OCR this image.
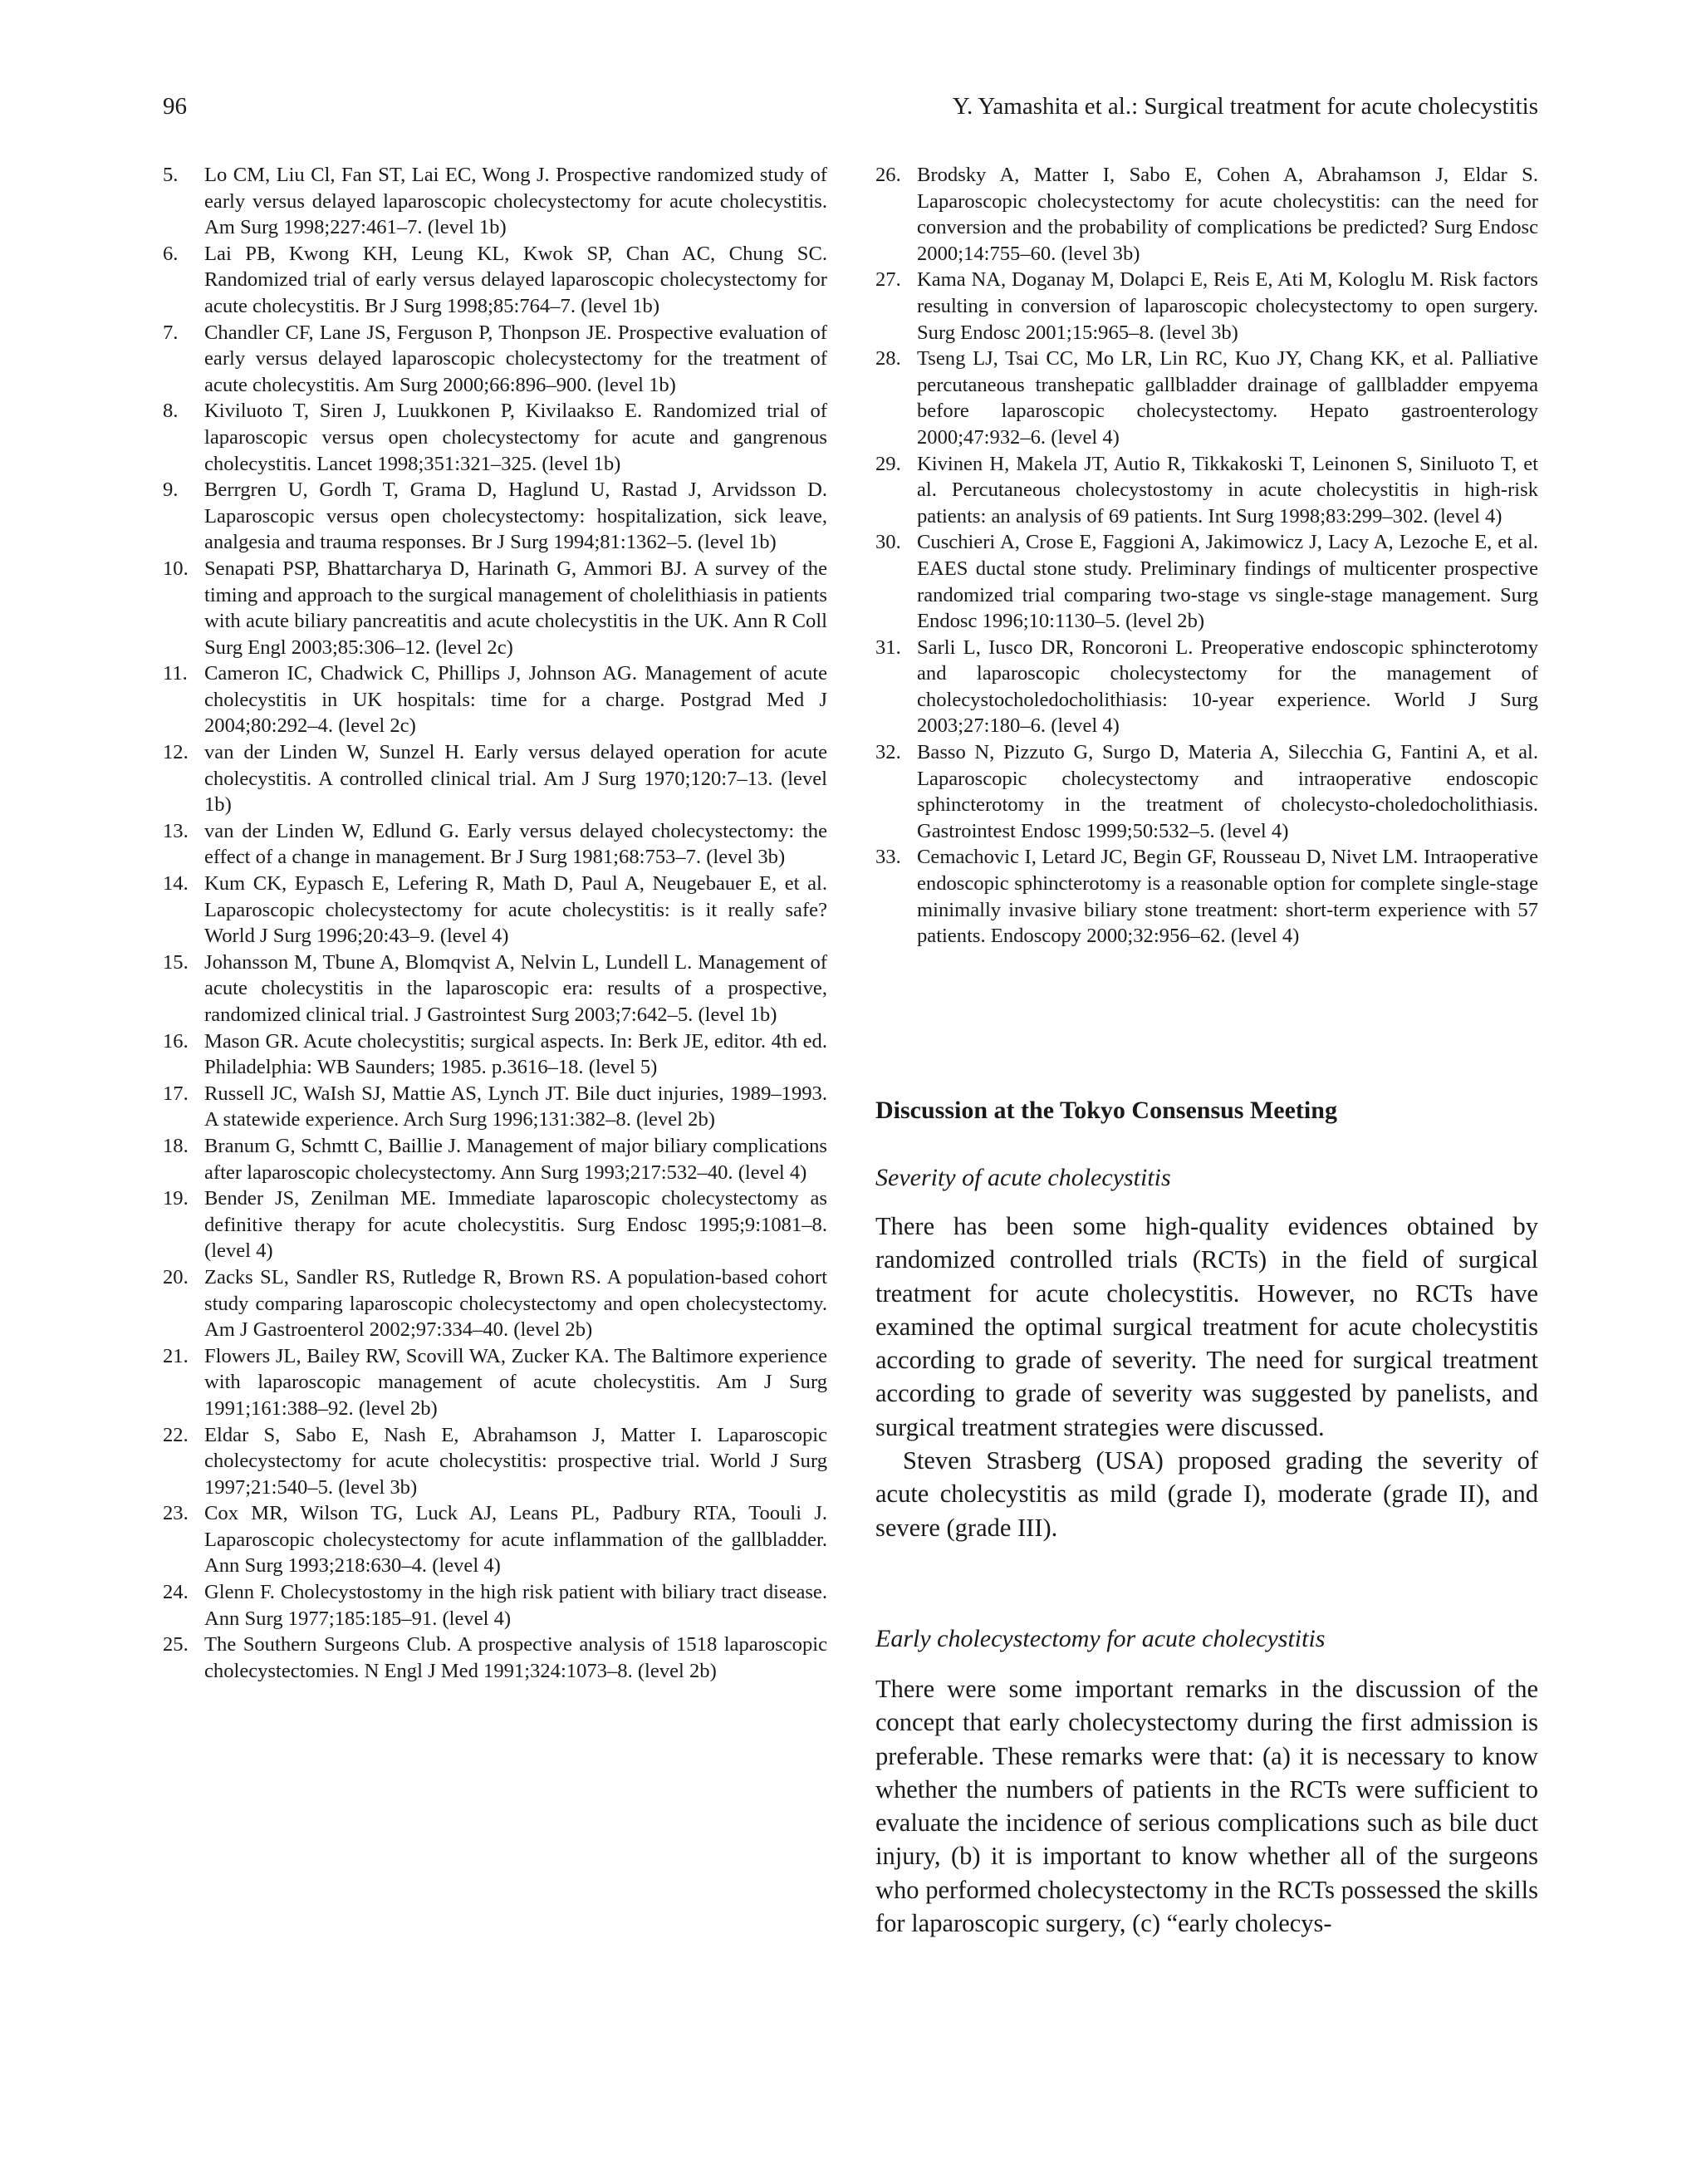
96	Y. Yamashita et al.: Surgical treatment for acute cholecystitis
5.	Lo CM, Liu Cl, Fan ST, Lai EC, Wong J. Prospective randomized study of early versus delayed laparoscopic cholecystectomy for acute cholecystitis. Am Surg 1998;227:461–7. (level 1b)
6.	Lai PB, Kwong KH, Leung KL, Kwok SP, Chan AC, Chung SC. Randomized trial of early versus delayed laparoscopic cholecystectomy for acute cholecystitis. Br J Surg 1998;85:764–7. (level 1b)
7.	Chandler CF, Lane JS, Ferguson P, Thonpson JE. Prospective evaluation of early versus delayed laparoscopic cholecystectomy for the treatment of acute cholecystitis. Am Surg 2000;66:896–900. (level 1b)
8.	Kiviluoto T, Siren J, Luukkonen P, Kivilaakso E. Randomized trial of laparoscopic versus open cholecystectomy for acute and gangrenous cholecystitis. Lancet 1998;351:321–325. (level 1b)
9.	Berrgren U, Gordh T, Grama D, Haglund U, Rastad J, Arvidsson D. Laparoscopic versus open cholecystectomy: hospitalization, sick leave, analgesia and trauma responses. Br J Surg 1994;81:1362–5. (level 1b)
10. Senapati PSP, Bhattarcharya D, Harinath G, Ammori BJ. A survey of the timing and approach to the surgical management of cholelithiasis in patients with acute biliary pancreatitis and acute cholecystitis in the UK. Ann R Coll Surg Engl 2003;85:306–12. (level 2c)
11. Cameron IC, Chadwick C, Phillips J, Johnson AG. Management of acute cholecystitis in UK hospitals: time for a charge. Postgrad Med J 2004;80:292–4. (level 2c)
12. van der Linden W, Sunzel H. Early versus delayed operation for acute cholecystitis. A controlled clinical trial. Am J Surg 1970;120:7–13. (level 1b)
13. van der Linden W, Edlund G. Early versus delayed cholecystectomy: the effect of a change in management. Br J Surg 1981;68:753–7. (level 3b)
14. Kum CK, Eypasch E, Lefering R, Math D, Paul A, Neugebauer E, et al. Laparoscopic cholecystectomy for acute cholecystitis: is it really safe? World J Surg 1996;20:43–9. (level 4)
15. Johansson M, Tbune A, Blomqvist A, Nelvin L, Lundell L. Management of acute cholecystitis in the laparoscopic era: results of a prospective, randomized clinical trial. J Gastrointest Surg 2003;7:642–5. (level 1b)
16. Mason GR. Acute cholecystitis; surgical aspects. In: Berk JE, editor. 4th ed. Philadelphia: WB Saunders; 1985. p.3616–18. (level 5)
17. Russell JC, WaIsh SJ, Mattie AS, Lynch JT. Bile duct injuries, 1989–1993. A statewide experience. Arch Surg 1996;131:382–8. (level 2b)
18. Branum G, Schmtt C, Baillie J. Management of major biliary complications after laparoscopic cholecystectomy. Ann Surg 1993;217:532–40. (level 4)
19. Bender JS, Zenilman ME. Immediate laparoscopic cholecystectomy as definitive therapy for acute cholecystitis. Surg Endosc 1995;9:1081–8. (level 4)
20. Zacks SL, Sandler RS, Rutledge R, Brown RS. A population-based cohort study comparing laparoscopic cholecystectomy and open cholecystectomy. Am J Gastroenterol 2002;97:334–40. (level 2b)
21. Flowers JL, Bailey RW, Scovill WA, Zucker KA. The Baltimore experience with laparoscopic management of acute cholecystitis. Am J Surg 1991;161:388–92. (level 2b)
22. Eldar S, Sabo E, Nash E, Abrahamson J, Matter I. Laparoscopic cholecystectomy for acute cholecystitis: prospective trial. World J Surg 1997;21:540–5. (level 3b)
23. Cox MR, Wilson TG, Luck AJ, Leans PL, Padbury RTA, Toouli J. Laparoscopic cholecystectomy for acute inflammation of the gallbladder. Ann Surg 1993;218:630–4. (level 4)
24. Glenn F. Cholecystostomy in the high risk patient with biliary tract disease. Ann Surg 1977;185:185–91. (level 4)
25. The Southern Surgeons Club. A prospective analysis of 1518 laparoscopic cholecystectomies. N Engl J Med 1991;324:1073–8. (level 2b)
26. Brodsky A, Matter I, Sabo E, Cohen A, Abrahamson J, Eldar S. Laparoscopic cholecystectomy for acute cholecystitis: can the need for conversion and the probability of complications be predicted? Surg Endosc 2000;14:755–60. (level 3b)
27. Kama NA, Doganay M, Dolapci E, Reis E, Ati M, Kologlu M. Risk factors resulting in conversion of laparoscopic cholecystectomy to open surgery. Surg Endosc 2001;15:965–8. (level 3b)
28. Tseng LJ, Tsai CC, Mo LR, Lin RC, Kuo JY, Chang KK, et al. Palliative percutaneous transhepatic gallbladder drainage of gallbladder empyema before laparoscopic cholecystectomy. Hepato gastroenterology 2000;47:932–6. (level 4)
29. Kivinen H, Makela JT, Autio R, Tikkakoski T, Leinonen S, Siniluoto T, et al. Percutaneous cholecystostomy in acute cholecystitis in high-risk patients: an analysis of 69 patients. Int Surg 1998;83:299–302. (level 4)
30. Cuschieri A, Crose E, Faggioni A, Jakimowicz J, Lacy A, Lezoche E, et al. EAES ductal stone study. Preliminary findings of multicenter prospective randomized trial comparing two-stage vs single-stage management. Surg Endosc 1996;10:1130–5. (level 2b)
31. Sarli L, Iusco DR, Roncoroni L. Preoperative endoscopic sphincterotomy and laparoscopic cholecystectomy for the management of cholecystocholedocholithiasis: 10-year experience. World J Surg 2003;27:180–6. (level 4)
32. Basso N, Pizzuto G, Surgo D, Materia A, Silecchia G, Fantini A, et al. Laparoscopic cholecystectomy and intraoperative endoscopic sphincterotomy in the treatment of cholecysto-choledocholithiasis. Gastrointest Endosc 1999;50:532–5. (level 4)
33. Cemachovic I, Letard JC, Begin GF, Rousseau D, Nivet LM. Intraoperative endoscopic sphincterotomy is a reasonable option for complete single-stage minimally invasive biliary stone treatment: short-term experience with 57 patients. Endoscopy 2000;32:956–62. (level 4)
Discussion at the Tokyo Consensus Meeting
Severity of acute cholecystitis

There has been some high-quality evidences obtained by randomized controlled trials (RCTs) in the field of surgical treatment for acute cholecystitis. However, no RCTs have examined the optimal surgical treatment for acute cholecystitis according to grade of severity. The need for surgical treatment according to grade of severity was suggested by panelists, and surgical treatment strategies were discussed.

Steven Strasberg (USA) proposed grading the severity of acute cholecystitis as mild (grade I), moderate (grade II), and severe (grade III).

Early cholecystectomy for acute cholecystitis

There were some important remarks in the discussion of the concept that early cholecystectomy during the first admission is preferable. These remarks were that: (a) it is necessary to know whether the numbers of patients in the RCTs were sufficient to evaluate the incidence of serious complications such as bile duct injury, (b) it is important to know whether all of the surgeons who performed cholecystectomy in the RCTs possessed the skills for laparoscopic surgery, (c) “early cholecys-
